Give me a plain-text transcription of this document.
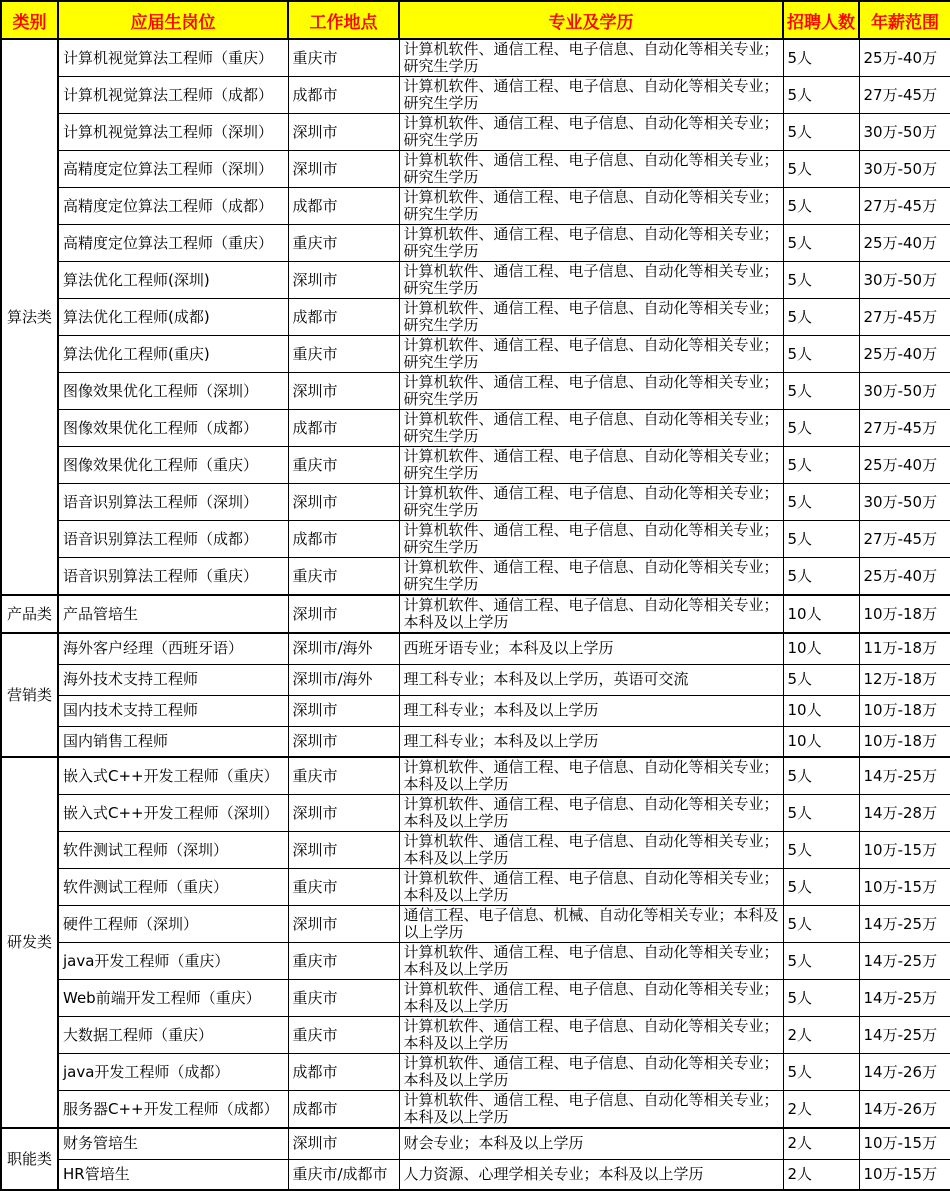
类别	应届生岗位	工作地点	专业及学历	招聘人数	年薪范围
算法类	计算机视觉算法工程师（重庆）	重庆市	计算机软件、通信工程、电子信息、自动化等相关专业；研究生学历	5人	25万-40万
	计算机视觉算法工程师（成都）	成都市	计算机软件、通信工程、电子信息、自动化等相关专业；研究生学历	5人	27万-45万
	计算机视觉算法工程师（深圳）	深圳市	计算机软件、通信工程、电子信息、自动化等相关专业；研究生学历	5人	30万-50万
	高精度定位算法工程师（深圳）	深圳市	计算机软件、通信工程、电子信息、自动化等相关专业；研究生学历	5人	30万-50万
	高精度定位算法工程师（成都）	成都市	计算机软件、通信工程、电子信息、自动化等相关专业；研究生学历	5人	27万-45万
	高精度定位算法工程师（重庆）	重庆市	计算机软件、通信工程、电子信息、自动化等相关专业；研究生学历	5人	25万-40万
	算法优化工程师(深圳)	深圳市	计算机软件、通信工程、电子信息、自动化等相关专业；研究生学历	5人	30万-50万
	算法优化工程师(成都)	成都市	计算机软件、通信工程、电子信息、自动化等相关专业；研究生学历	5人	27万-45万
	算法优化工程师(重庆)	重庆市	计算机软件、通信工程、电子信息、自动化等相关专业；研究生学历	5人	25万-40万
	图像效果优化工程师（深圳）	深圳市	计算机软件、通信工程、电子信息、自动化等相关专业；研究生学历	5人	30万-50万
	图像效果优化工程师（成都）	成都市	计算机软件、通信工程、电子信息、自动化等相关专业；研究生学历	5人	27万-45万
	图像效果优化工程师（重庆）	重庆市	计算机软件、通信工程、电子信息、自动化等相关专业；研究生学历	5人	25万-40万
	语音识别算法工程师（深圳）	深圳市	计算机软件、通信工程、电子信息、自动化等相关专业；研究生学历	5人	30万-50万
	语音识别算法工程师（成都）	成都市	计算机软件、通信工程、电子信息、自动化等相关专业；研究生学历	5人	27万-45万
	语音识别算法工程师（重庆）	重庆市	计算机软件、通信工程、电子信息、自动化等相关专业；研究生学历	5人	25万-40万
产品类	产品管培生	深圳市	计算机软件、通信工程、电子信息、自动化等相关专业；本科及以上学历	10人	10万-18万
营销类	海外客户经理（西班牙语）	深圳市/海外	西班牙语专业；本科及以上学历	10人	11万-18万
	海外技术支持工程师	深圳市/海外	理工科专业；本科及以上学历，英语可交流	5人	12万-18万
	国内技术支持工程师	深圳市	理工科专业；本科及以上学历	10人	10万-18万
	国内销售工程师	深圳市	理工科专业；本科及以上学历	10人	10万-18万
研发类	嵌入式C++开发工程师（重庆）	重庆市	计算机软件、通信工程、电子信息、自动化等相关专业；本科及以上学历	5人	14万-25万
	嵌入式C++开发工程师（深圳）	深圳市	计算机软件、通信工程、电子信息、自动化等相关专业；本科及以上学历	5人	14万-28万
	软件测试工程师（深圳）	深圳市	计算机软件、通信工程、电子信息、自动化等相关专业；本科及以上学历	5人	10万-15万
	软件测试工程师（重庆）	重庆市	计算机软件、通信工程、电子信息、自动化等相关专业；本科及以上学历	5人	10万-15万
	硬件工程师（深圳）	深圳市	通信工程、电子信息、机械、自动化等相关专业；本科及以上学历	5人	14万-25万
	java开发工程师（重庆）	重庆市	计算机软件、通信工程、电子信息、自动化等相关专业；本科及以上学历	5人	14万-25万
	Web前端开发工程师（重庆）	重庆市	计算机软件、通信工程、电子信息、自动化等相关专业；本科及以上学历	5人	14万-25万
	大数据工程师（重庆）	重庆市	计算机软件、通信工程、电子信息、自动化等相关专业；本科及以上学历	2人	14万-25万
	java开发工程师（成都）	成都市	计算机软件、通信工程、电子信息、自动化等相关专业；本科及以上学历	5人	14万-26万
	服务器C++开发工程师（成都）	成都市	计算机软件、通信工程、电子信息、自动化等相关专业；本科及以上学历	2人	14万-26万
职能类	财务管培生	深圳市	财会专业；本科及以上学历	2人	10万-15万
	HR管培生	重庆市/成都市	人力资源、心理学相关专业；本科及以上学历	2人	10万-15万
